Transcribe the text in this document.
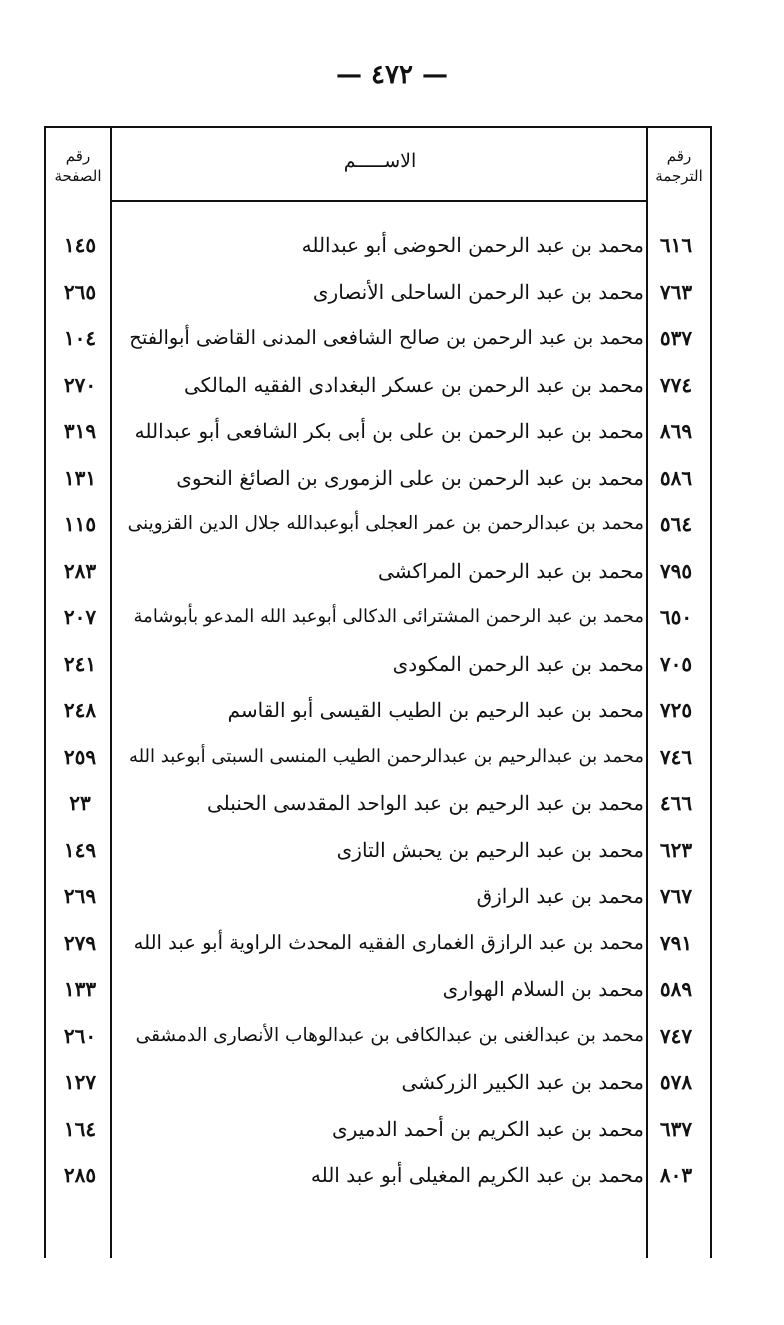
— ٤٧٢ —
رقم الترجمة
الاســـــم
رقم الصفحة
٦١٦
محمد بن عبد الرحمن الحوضى أبو عبدالله
١٤٥
٧٦٣
محمد بن عبد الرحمن الساحلى الأنصارى
٢٦٥
٥٣٧
محمد بن عبد الرحمن بن صالح الشافعى المدنى القاضى أبوالفتح
١٠٤
٧٧٤
محمد بن عبد الرحمن بن عسكر البغدادى الفقيه المالكى
٢٧٠
٨٦٩
محمد بن عبد الرحمن بن على بن أبى بكر الشافعى أبو عبدالله
٣١٩
٥٨٦
محمد بن عبد الرحمن بن على الزمورى بن الصائغ النحوى
١٣١
٥٦٤
محمد بن عبدالرحمن بن عمر العجلى أبوعبدالله جلال الدين القزوينى
١١٥
٧٩٥
محمد بن عبد الرحمن المراكشى
٢٨٣
٦٥٠
محمد بن عبد الرحمن المشترائى الدكالى أبوعبد الله المدعو بأبوشامة
٢٠٧
٧٠٥
محمد بن عبد الرحمن المكودى
٢٤١
٧٢٥
محمد بن عبد الرحيم بن الطيب القيسى أبو القاسم
٢٤٨
٧٤٦
محمد بن عبدالرحيم بن عبدالرحمن الطيب المنسى السبتى أبوعبد الله
٢٥٩
٤٦٦
محمد بن عبد الرحيم بن عبد الواحد المقدسى الحنبلى
٢٣
٦٢٣
محمد بن عبد الرحيم بن يحبش التازى
١٤٩
٧٦٧
محمد بن عبد الرازق
٢٦٩
٧٩١
محمد بن عبد الرازق الغمارى الفقيه المحدث الراوية أبو عبد الله
٢٧٩
٥٨٩
محمد بن السلام الهوارى
١٣٣
٧٤٧
محمد بن عبدالغنى بن عبدالكافى بن عبدالوهاب الأنصارى الدمشقى
٢٦٠
٥٧٨
محمد بن عبد الكبير الزركشى
١٢٧
٦٣٧
محمد بن عبد الكريم بن أحمد الدميرى
١٦٤
٨٠٣
محمد بن عبد الكريم المغيلى أبو عبد الله
٢٨٥
